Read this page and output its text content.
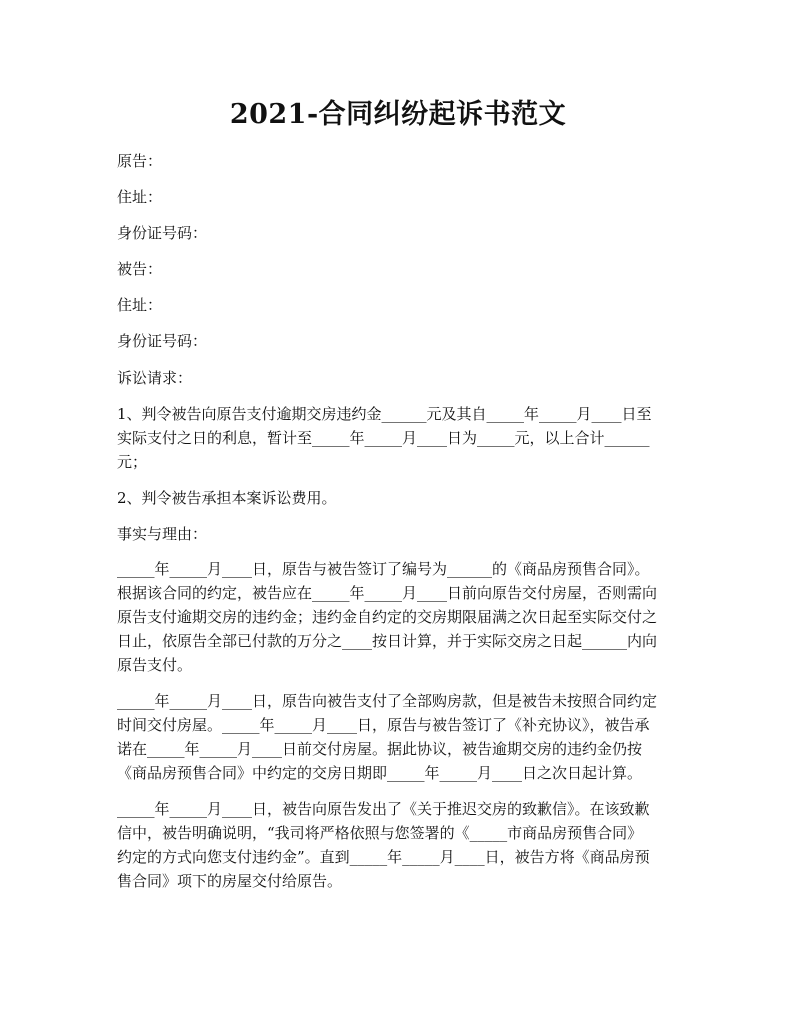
2021-合同纠纷起诉书范文

原告：

住址：

身份证号码：

被告：

住址：

身份证号码：

诉讼请求：

1、判令被告向原告支付逾期交房违约金______元及其自_____年_____月____日至
实际支付之日的利息，暂计至_____年_____月____日为_____元，以上合计______
元；

2、判令被告承担本案诉讼费用。

事实与理由：

_____年_____月____日，原告与被告签订了编号为______的《商品房预售合同》。
根据该合同的约定，被告应在_____年_____月____日前向原告交付房屋，否则需向
原告支付逾期交房的违约金；违约金自约定的交房期限届满之次日起至实际交付之
日止，依原告全部已付款的万分之____按日计算，并于实际交房之日起______内向
原告支付。
_____年_____月____日，原告向被告支付了全部购房款，但是被告未按照合同约定
时间交付房屋。_____年_____月____日，原告与被告签订了《补充协议》，被告承
诺在_____年_____月____日前交付房屋。据此协议，被告逾期交房的违约金仍按
《商品房预售合同》中约定的交房日期即_____年_____月____日之次日起计算。
_____年_____月____日，被告向原告发出了《关于推迟交房的致歉信》。在该致歉
信中，被告明确说明，“我司将严格依照与您签署的《_____市商品房预售合同》
约定的方式向您支付违约金”。直到_____年_____月____日，被告方将《商品房预
售合同》项下的房屋交付给原告。
